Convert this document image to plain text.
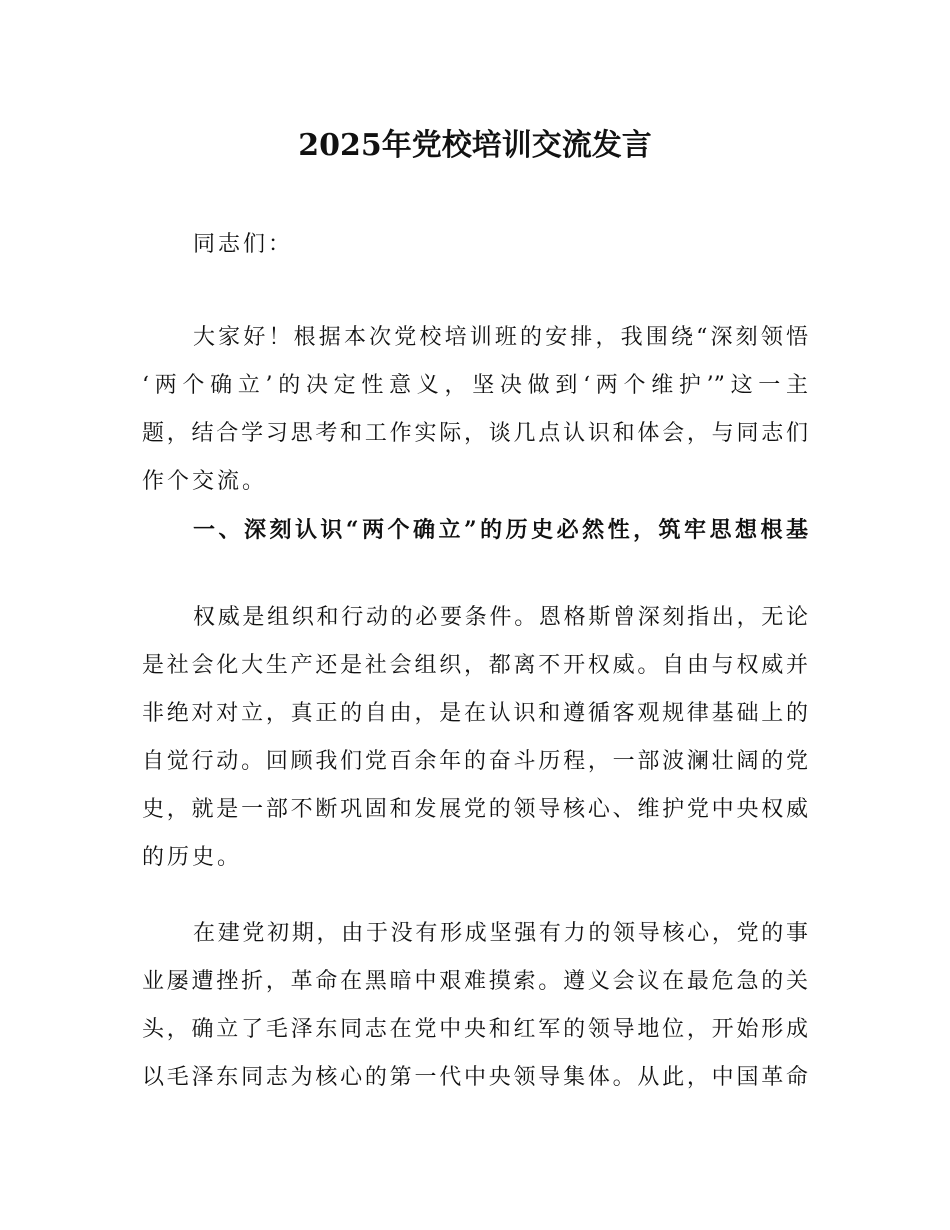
2025年党校培训交流发言
同志们：
大家好！根据本次党校培训班的安排，我围绕“深刻领悟
‘两个确立’的决定性意义，坚决做到‘两个维护’”这一主
题，结合学习思考和工作实际，谈几点认识和体会，与同志们
作个交流。
一、深刻认识“两个确立”的历史必然性，筑牢思想根基
权威是组织和行动的必要条件。恩格斯曾深刻指出，无论
是社会化大生产还是社会组织，都离不开权威。自由与权威并
非绝对对立，真正的自由，是在认识和遵循客观规律基础上的
自觉行动。回顾我们党百余年的奋斗历程，一部波澜壮阔的党
史，就是一部不断巩固和发展党的领导核心、维护党中央权威
的历史。
在建党初期，由于没有形成坚强有力的领导核心，党的事
业屡遭挫折，革命在黑暗中艰难摸索。遵义会议在最危急的关
头，确立了毛泽东同志在党中央和红军的领导地位，开始形成
以毛泽东同志为核心的第一代中央领导集体。从此，中国革命
